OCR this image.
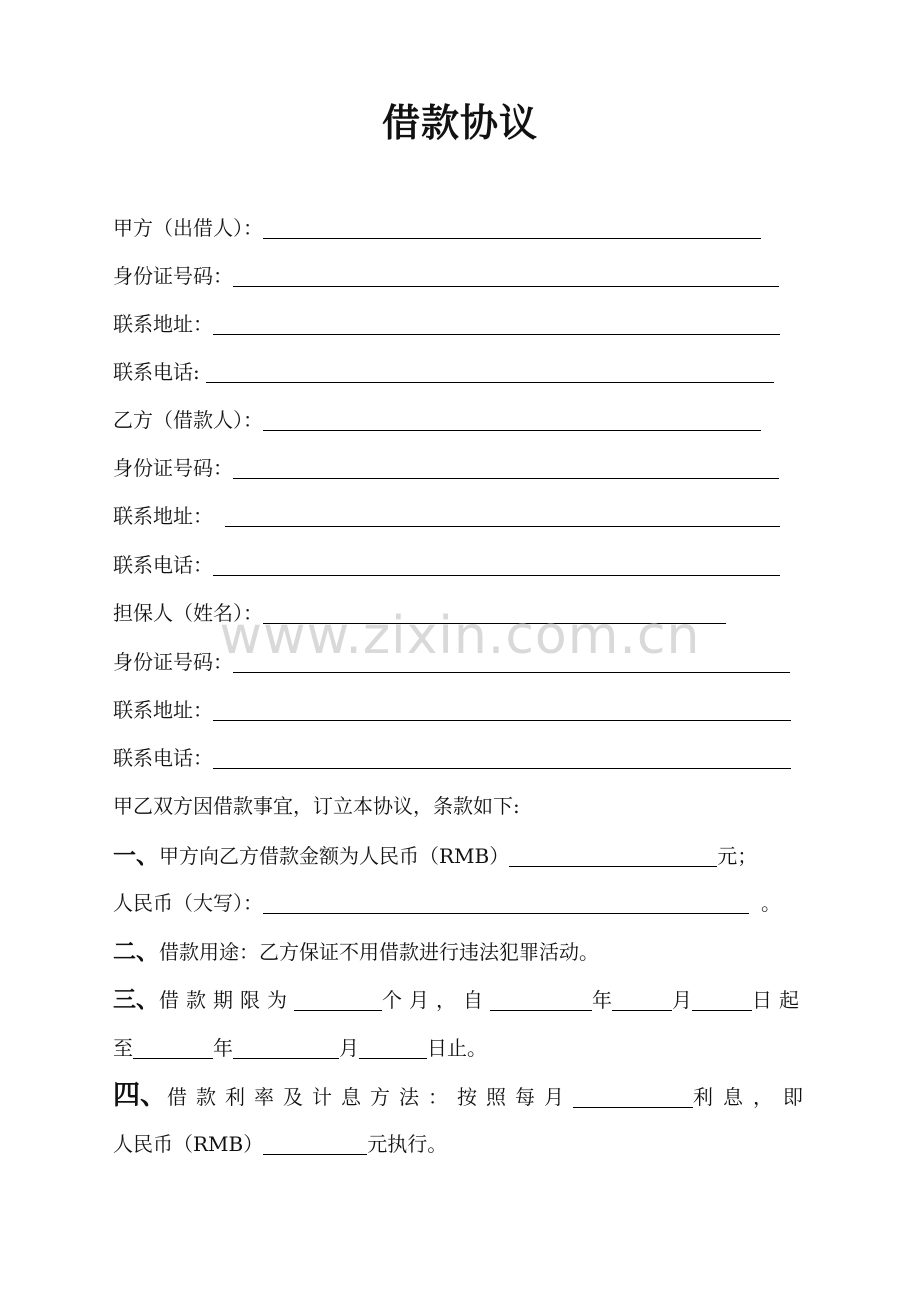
借款协议
甲方（出借人）：
身份证号码：
联系地址：
联系电话:
乙方（借款人）：
身份证号码：
联系地址：
联系电话：
担保人（姓名）：
身份证号码：
联系地址：
联系电话：
甲乙双方因借款事宜，订立本协议，条款如下:
一、甲方向乙方借款金额为人民币（RMB）	元；
人民币（大写）：	。
二、借款用途：乙方保证不用借款进行违法犯罪活动。
三、借款期限为	个月，自	年	月	日起
至	年	月	日止。
四、借款利率及计息方法：按照每月	利息，即
人民币（RMB）	元执行。
www.zixin.com.cn
